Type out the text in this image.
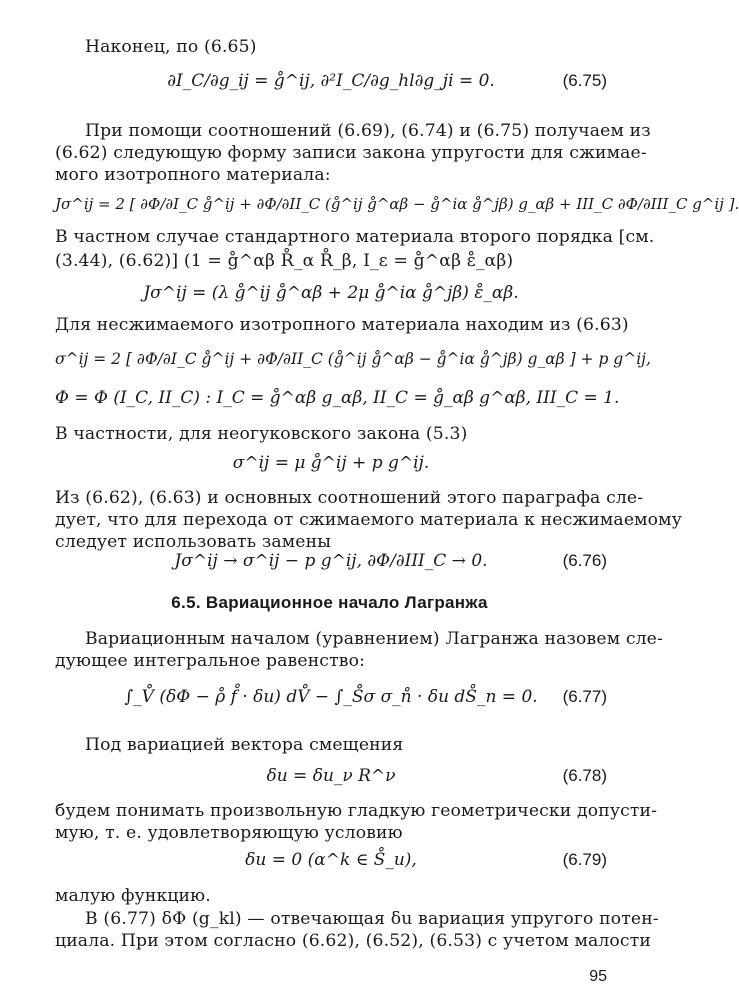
Наконец, по (6.65)
∂I_C/∂g_ij = g̊^ij, ∂²I_C/∂g_hl∂g_ji = 0.	(6.75)
При помощи соотношений (6.69), (6.74) и (6.75) получаем из
(6.62) следующую форму записи закона упругости для сжимае-
мого изотропного материала:
Jσ^ij = 2 [ ∂Φ/∂I_C g̊^ij + ∂Φ/∂II_C (g̊^ij g̊^αβ − g̊^iα g̊^jβ) g_αβ + III_C ∂Φ/∂III_C g^ij ].
В частном случае стандартного материала второго порядка [см.
(3.44), (6.62)] (1 = g̊^αβ R̊_α R̊_β, I_ε = g̊^αβ ε̊_αβ)
Jσ^ij = (λ g̊^ij g̊^αβ + 2μ g̊^iα g̊^jβ) ε̊_αβ.
Для несжимаемого изотропного материала находим из (6.63)
σ^ij = 2 [ ∂Φ/∂I_C g̊^ij + ∂Φ/∂II_C (g̊^ij g̊^αβ − g̊^iα g̊^jβ) g_αβ ] + p g^ij,
Φ = Φ (I_C, II_C) : I_C = g̊^αβ g_αβ, II_C = g̊_αβ g^αβ, III_C = 1.
В частности, для неогуковского закона (5.3)
σ^ij = μ g̊^ij + p g^ij.
Из (6.62), (6.63) и основных соотношений этого параграфа сле-
дует, что для перехода от сжимаемого материала к несжимаемому
следует использовать замены
Jσ^ij → σ^ij − p g^ij, ∂Φ/∂III_C → 0.	(6.76)
6.5. Вариационное начало Лагранжа
Вариационным началом (уравнением) Лагранжа назовем сле-
дующее интегральное равенство:
∫_V̊ (δΦ − ρ̊ f̊ · δu) dV̊ − ∫_S̊σ σ_n̊ · δu dS̊_n = 0.	(6.77)
Под вариацией вектора смещения
δu = δu_ν R^ν	(6.78)
будем понимать произвольную гладкую геометрически допусти-
мую, т. е. удовлетворяющую условию
δu = 0 (α^k ∈ S̊_u),	(6.79)
малую функцию.
В (6.77) δΦ (g_kl) — отвечающая δu вариация упругого потен-
циала. При этом согласно (6.62), (6.52), (6.53) с учетом малости
95
